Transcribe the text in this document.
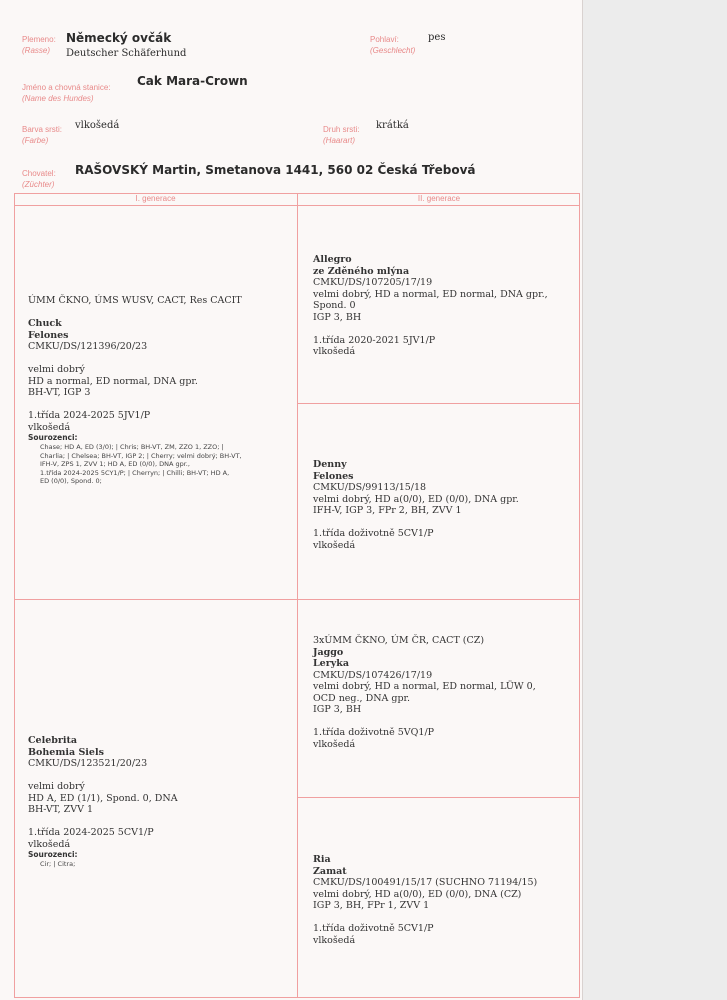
Plemeno:
(Rasse)
Německý ovčák
Deutscher Schäferhund
Pohlaví:
(Geschlecht)
pes
Jméno a chovná stanice:
(Name des Hundes)
Cak Mara-Crown
Barva srsti:
(Farbe)
vlkošedá	Druh srsti:
(Haarart)
krátká
Chovatel:
(Züchter)
RAŠOVSKÝ Martin, Smetanova 1441, 560 02 Česká Třebová
I. generace	II. generace
ÚMM ČKNO, ÚMS WUSV, CACT, Res CACIT
Chuck
Felones
CMKU/DS/121396/20/23
velmi dobrý
HD a normal, ED normal, DNA gpr.
BH-VT, IGP 3
1.třída 2024-2025 5JV1/P
vlkošedá
Sourozenci:
Chase; HD A, ED (3/0); | Chris; BH-VT, ZM, ZZO 1, ZZO; |
Charlia; | Chelsea; BH-VT, IGP 2; | Cherry; velmi dobrý; BH-VT,
IFH-V, ZPS 1, ZVV 1; HD A, ED (0/0), DNA gpr.,
1.třída 2024-2025 5CY1/P; | Cherryn; | Chilli; BH-VT; HD A,
ED (0/0), Spond. 0;
Celebrita
Bohemia Siels
CMKU/DS/123521/20/23
velmi dobrý
HD A, ED (1/1), Spond. 0, DNA
BH-VT, ZVV 1
1.třída 2024-2025 5CV1/P
vlkošedá
Sourozenci:
Cir; | Citra;
Allegro
ze Zděného mlýna
CMKU/DS/107205/17/19
velmi dobrý, HD a normal, ED normal, DNA gpr.,
Spond. 0
IGP 3, BH
1.třída 2020-2021 5JV1/P
vlkošedá
Denny
Felones
CMKU/DS/99113/15/18
velmi dobrý, HD a(0/0), ED (0/0), DNA gpr.
IFH-V, IGP 3, FPr 2, BH, ZVV 1
1.třída doživotně 5CV1/P
vlkošedá
3xÚMM ČKNO, ÚM ČR, CACT (CZ)
Jaggo
Leryka
CMKU/DS/107426/17/19
velmi dobrý, HD a normal, ED normal, LÜW 0,
OCD neg., DNA gpr.
IGP 3, BH
1.třída doživotně 5VQ1/P
vlkošedá
Ria
Zamat
CMKU/DS/100491/15/17 (SUCHNO 71194/15)
velmi dobrý, HD a(0/0), ED (0/0), DNA (CZ)
IGP 3, BH, FPr 1, ZVV 1
1.třída doživotně 5CV1/P
vlkošedá
